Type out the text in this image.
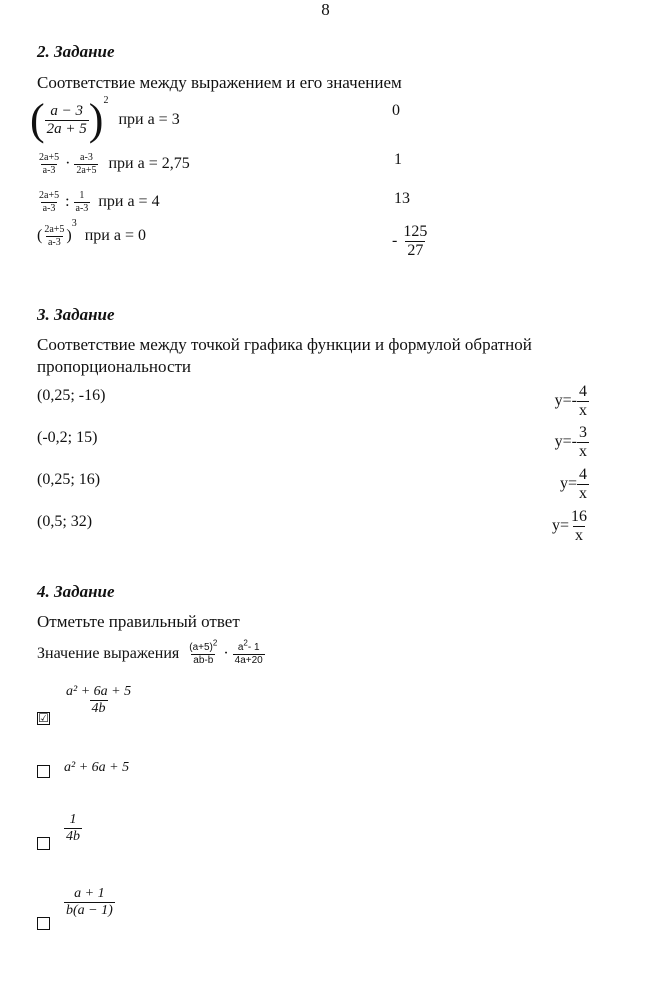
8
2. Задание
Соответствие между выражением и его значением
( $\frac{a - 3}{2a + 5} )^2$ при a = 3
$\frac{2a+5}{a-3} \cdot \frac{a-3}{2a+5}$ при a = 2,75
$\frac{2a+5}{a-3}$ : $\frac{1}{a-3}$ при a = 4
( $\frac{2a+5}{a-3} )^3$ при a = 0
0
1
13
- $\frac{125}{27}$
3. Задание
Соответствие между точкой графика функции и формулой обратной
пропорциональности
(0,25; -16)
(-0,2; 15)
(0,25; 16)
(0,5; 32)
$y=- \frac{4}{x}$
$y=- \frac{3}{x}$
$y= \frac{4}{x}$
$y= \frac{16}{x}$
4. Задание
Отметьте правильный ответ
Значение выражения $\frac{(a+5)^2}{ab-b} \cdot \frac{a^2- 1}{4a+20}$
☑
$\frac{\text{a² + 6a + 5}}{4b}$
a² + 6a + 5
$\frac{1}{4b}$
$\frac{a + 1}{b(a - 1)}$
